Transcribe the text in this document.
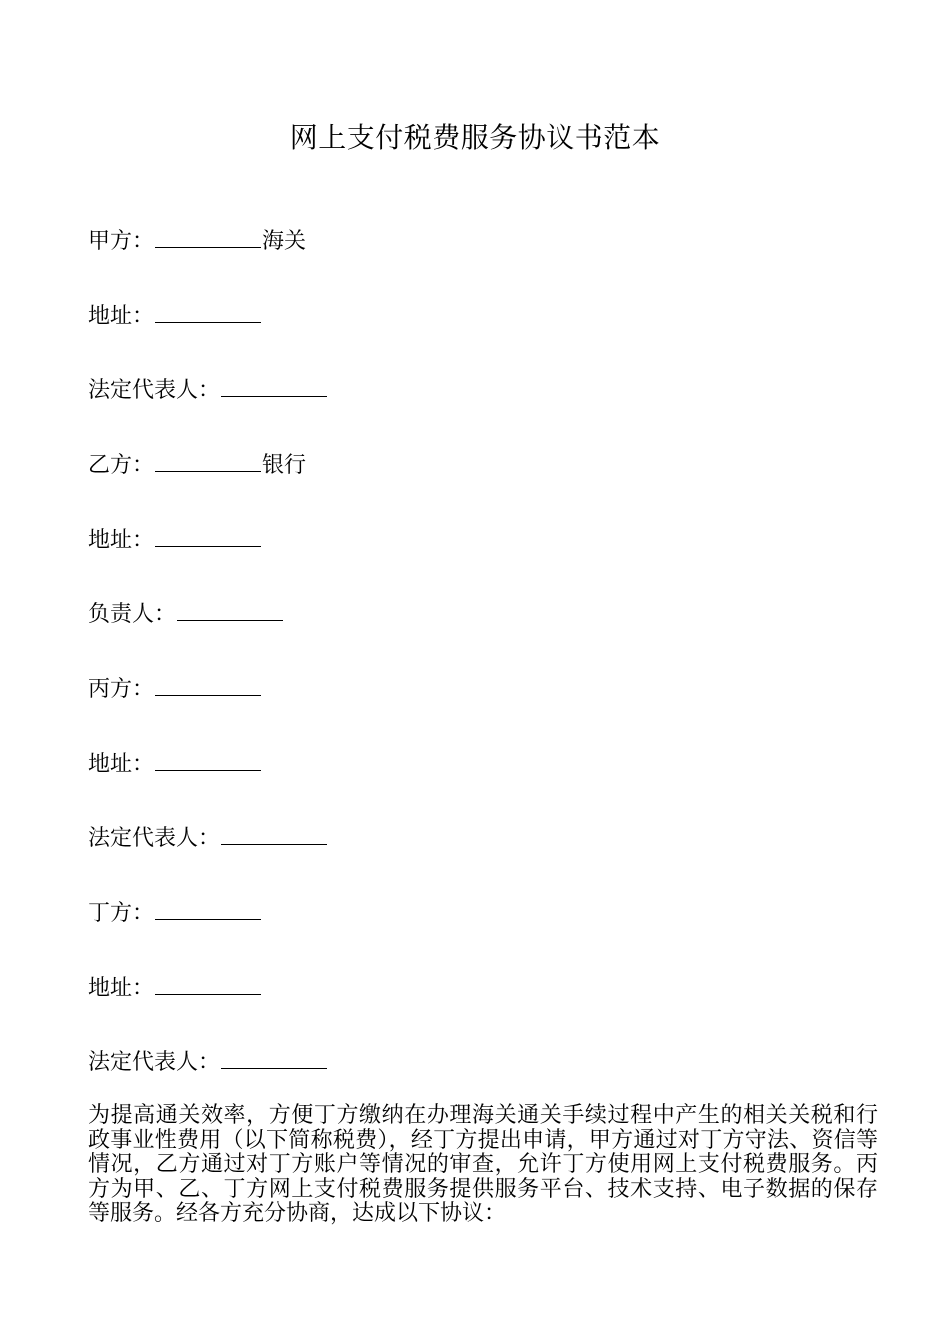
网上支付税费服务协议书范本
甲方：	海关
地址：
法定代表人：
乙方：	银行
地址：
负责人：
丙方：
地址：
法定代表人：
丁方：
地址：
法定代表人：
为提高通关效率，方便丁方缴纳在办理海关通关手续过程中产生的相关关税和行政事业性费用（以下简称税费），经丁方提出申请，甲方通过对丁方守法、资信等情况，乙方通过对丁方账户等情况的审查，允许丁方使用网上支付税费服务。丙方为甲、乙、丁方网上支付税费服务提供服务平台、技术支持、电子数据的保存等服务。经各方充分协商，达成以下协议：
